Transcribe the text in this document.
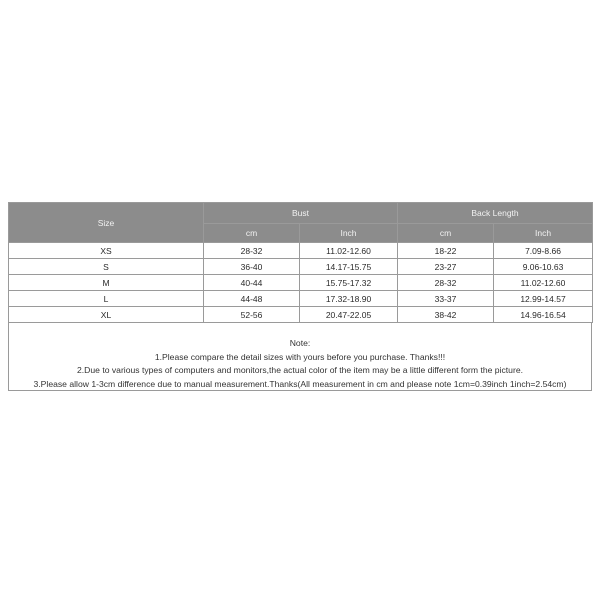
Size	Bust		Back Length	
	cm	Inch	cm	Inch
XS	28-32	11.02-12.60	18-22	7.09-8.66
S	36-40	14.17-15.75	23-27	9.06-10.63
M	40-44	15.75-17.32	28-32	11.02-12.60
L	44-48	17.32-18.90	33-37	12.99-14.57
XL	52-56	20.47-22.05	38-42	14.96-16.54
Note:
1.Please compare the detail sizes with yours before you purchase. Thanks!!!
2.Due to various types of computers and monitors,the actual color of the item may be a little different form the picture.
3.Please allow 1-3cm difference due to manual measurement.Thanks(All measurement in cm and please note 1cm=0.39inch 1inch=2.54cm)
